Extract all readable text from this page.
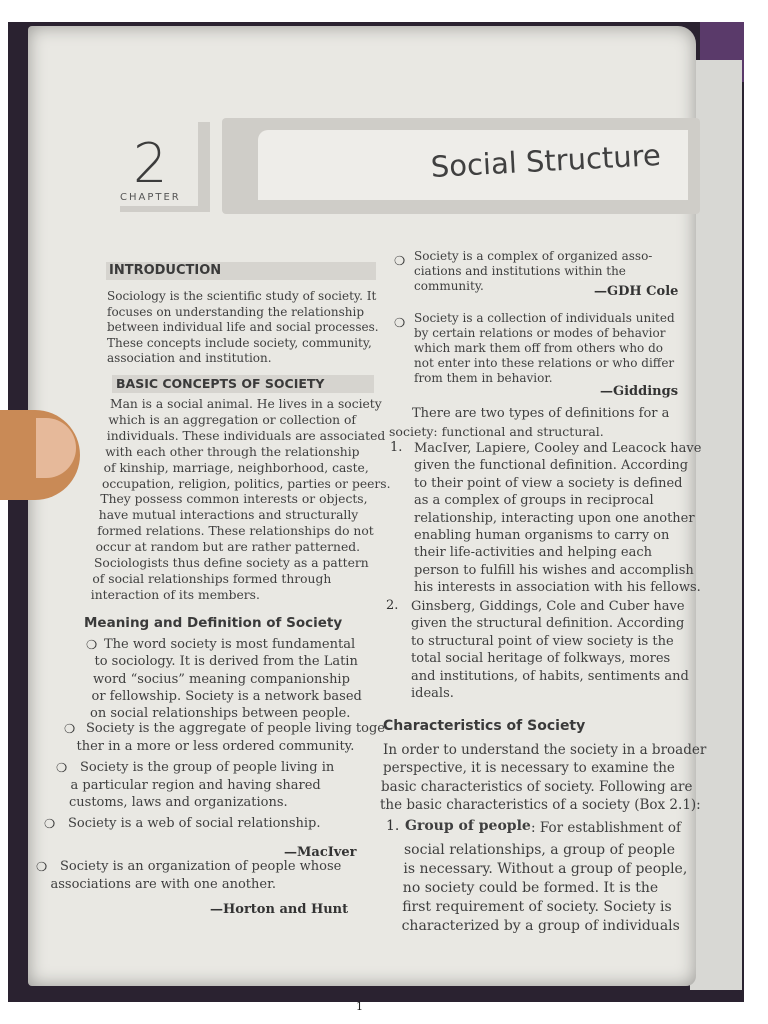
2
CHAPTER
Social Structure
INTRODUCTION
Sociology is the scientific study of society. It
focuses on understanding the relationship
between individual life and social processes.
These concepts include society, community,
association and institution.
BASIC CONCEPTS OF SOCIETY
Man is a social animal. He lives in a society
which is an aggregation or collection of
individuals. These individuals are associated
with each other through the relationship
of kinship, marriage, neighborhood, caste,
occupation, religion, politics, parties or peers.
They possess common interests or objects,
have mutual interactions and structurally
formed relations. These relationships do not
occur at random but are rather patterned.
Sociologists thus define society as a pattern
of social relationships formed through
interaction of its members.
Meaning and Definition of Society
❍ The word society is most fundamental
to sociology. It is derived from the Latin
word “socius” meaning companionship
or fellowship. Society is a network based
on social relationships between people.
❍ Society is the aggregate of people living toge-
ther in a more or less ordered community.
❍ Society is the group of people living in
a particular region and having shared
customs, laws and organizations.
❍ Society is a web of social relationship.
—MacIver
❍ Society is an organization of people whose
associations are with one another.
—Horton and Hunt
❍ Society is a complex of organized asso-
ciations and institutions within the
community.	—GDH Cole
❍ Society is a collection of individuals united
by certain relations or modes of behavior
which mark them off from others who do
not enter into these relations or who differ
from them in behavior.
—Giddings
There are two types of definitions for a
society: functional and structural.
1. MacIver, Lapiere, Cooley and Leacock have
given the functional definition. According
to their point of view a society is defined
as a complex of groups in reciprocal
relationship, interacting upon one another
enabling human organisms to carry on
their life-activities and helping each
person to fulfill his wishes and accomplish
his interests in association with his fellows.
2. Ginsberg, Giddings, Cole and Cuber have
given the structural definition. According
to structural point of view society is the
total social heritage of folkways, mores
and institutions, of habits, sentiments and
ideals.
Characteristics of Society
In order to understand the society in a broader
perspective, it is necessary to examine the
basic characteristics of society. Following are
the basic characteristics of a society (Box 2.1):
1. Group of people : For establishment of
social relationships, a group of people
is necessary. Without a group of people,
no society could be formed. It is the
first requirement of society. Society is
characterized by a group of individuals
1
